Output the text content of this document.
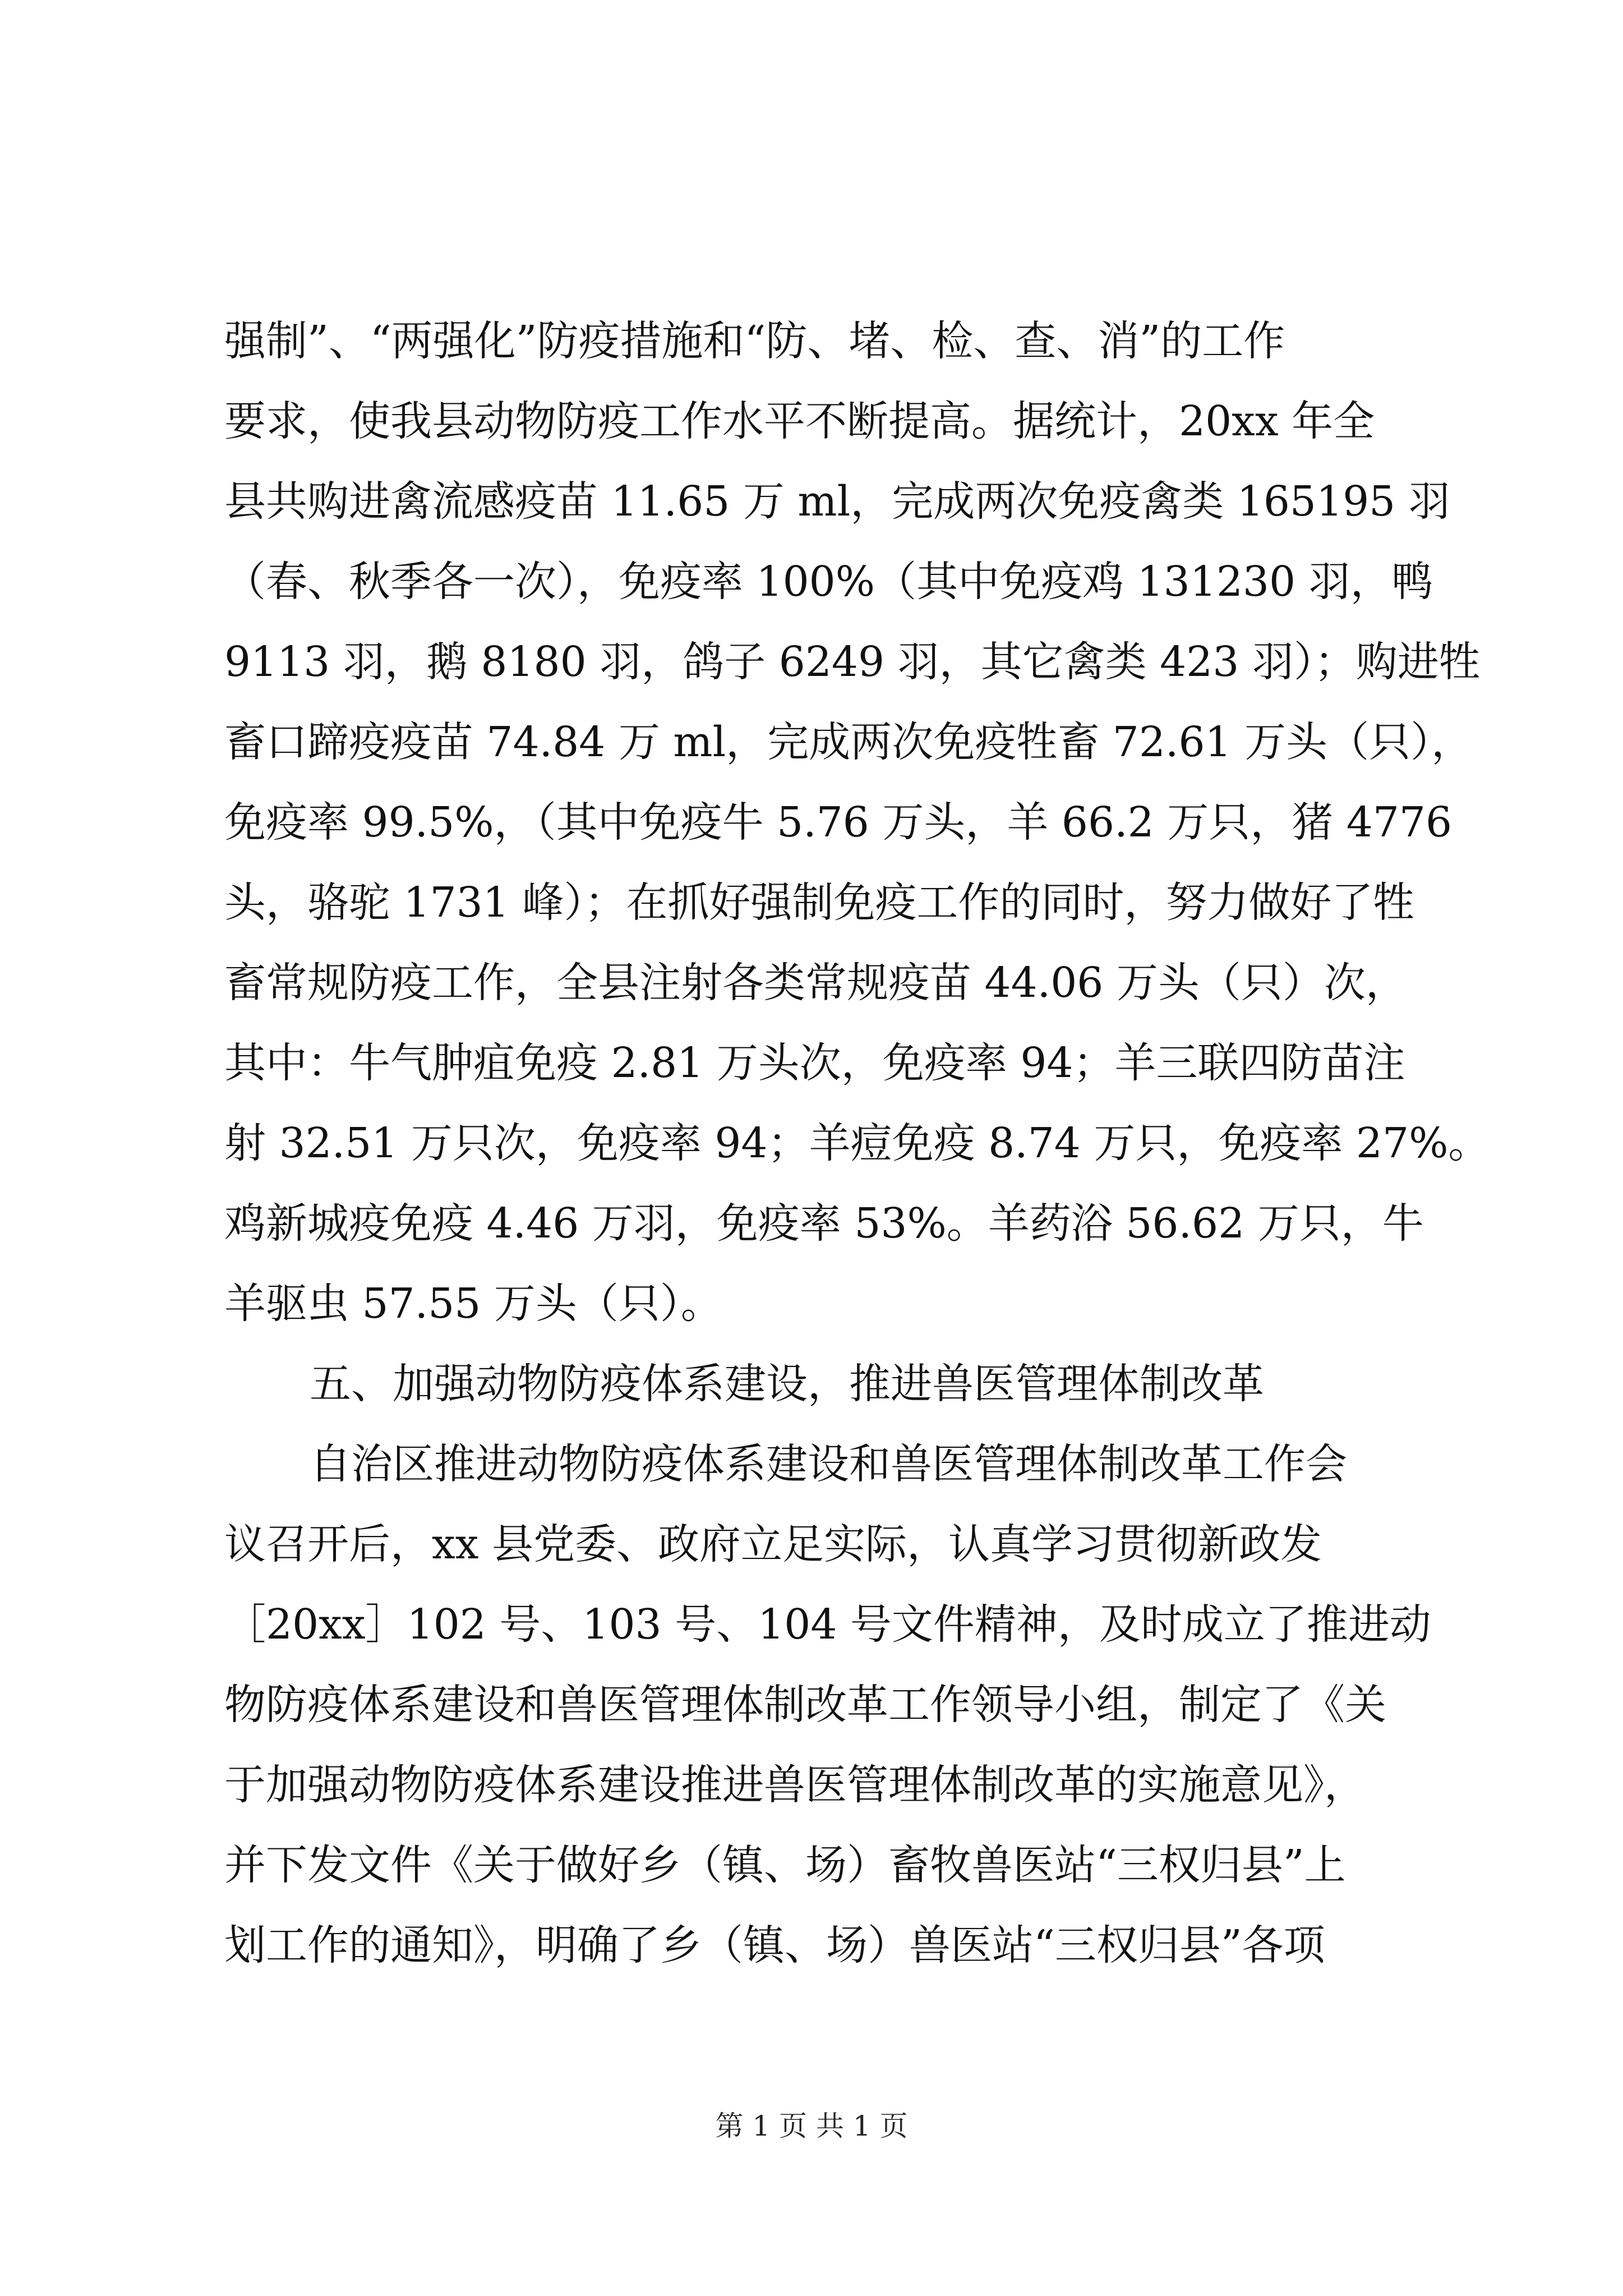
强制”、“两强化”防疫措施和“防、堵、检、查、消”的工作
要求，使我县动物防疫工作水平不断提高。据统计，20xx 年全
县共购进禽流感疫苗 11.65 万 ml，完成两次免疫禽类 165195 羽
（春、秋季各一次），免疫率 100%（其中免疫鸡 131230 羽，鸭
9113 羽，鹅 8180 羽，鸽子 6249 羽，其它禽类 423 羽）；购进牲
畜口蹄疫疫苗 74.84 万 ml，完成两次免疫牲畜 72.61 万头（只），
免疫率 99.5%，（其中免疫牛 5.76 万头，羊 66.2 万只，猪 4776
头，骆驼 1731 峰）；在抓好强制免疫工作的同时，努力做好了牲
畜常规防疫工作，全县注射各类常规疫苗 44.06 万头（只）次，
其中：牛气肿疽免疫 2.81 万头次，免疫率 94；羊三联四防苗注
射 32.51 万只次，免疫率 94；羊痘免疫 8.74 万只，免疫率 27%。
鸡新城疫免疫 4.46 万羽，免疫率 53%。羊药浴 56.62 万只，牛
羊驱虫 57.55 万头（只）。
五、加强动物防疫体系建设，推进兽医管理体制改革
自治区推进动物防疫体系建设和兽医管理体制改革工作会
议召开后，xx 县党委、政府立足实际，认真学习贯彻新政发
［20xx］102 号、103 号、104 号文件精神，及时成立了推进动
物防疫体系建设和兽医管理体制改革工作领导小组，制定了《关
于加强动物防疫体系建设推进兽医管理体制改革的实施意见》，
并下发文件《关于做好乡（镇、场）畜牧兽医站“三权归县”上
划工作的通知》，明确了乡（镇、场）兽医站“三权归县”各项
第 1 页 共 1 页
